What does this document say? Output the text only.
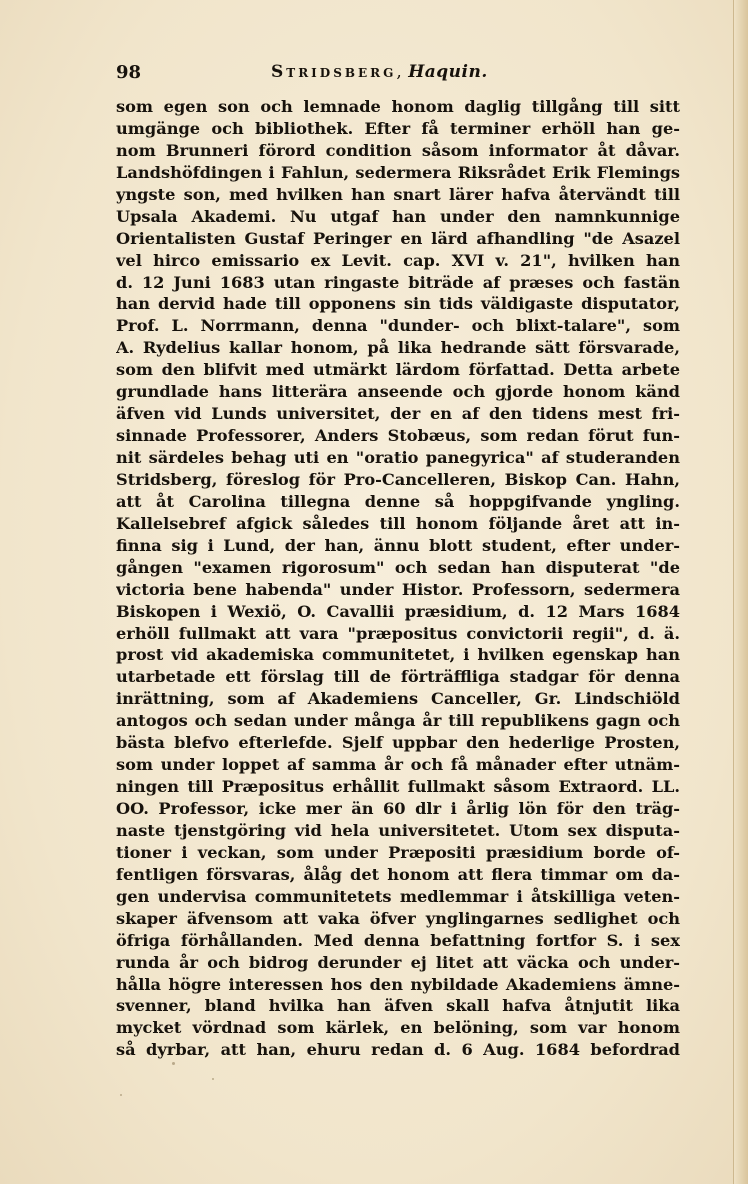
98	Stridsberg, Haquin.
som egen son och lemnade honom daglig tillgång till sitt
umgänge och bibliothek. Efter få terminer erhöll han ge-
nom Brunneri förord condition såsom informator åt dåvar.
Landshöfdingen i Fahlun, sedermera Riksrådet Erik Flemings
yngste son, med hvilken han snart lärer hafva återvändt till
Upsala Akademi. Nu utgaf han under den namnkunnige
Orientalisten Gustaf Peringer en lärd afhandling "de Asazel
vel hirco emissario ex Levit. cap. XVI v. 21", hvilken han
d. 12 Juni 1683 utan ringaste biträde af præses och fastän
han dervid hade till opponens sin tids väldigaste disputator,
Prof. L. Norrmann, denna "dunder- och blixt-talare", som
A. Rydelius kallar honom, på lika hedrande sätt försvarade,
som den blifvit med utmärkt lärdom författad. Detta arbete
grundlade hans litterära anseende och gjorde honom känd
äfven vid Lunds universitet, der en af den tidens mest fri-
sinnade Professorer, Anders Stobæus, som redan förut fun-
nit särdeles behag uti en "oratio panegyrica" af studeranden
Stridsberg, föreslog för Pro-Cancelleren, Biskop Can. Hahn,
att åt Carolina tillegna denne så hoppgifvande yngling.
Kallelsebref afgick således till honom följande året att in-
finna sig i Lund, der han, ännu blott student, efter under-
gången "examen rigorosum" och sedan han disputerat "de
victoria bene habenda" under Histor. Professorn, sedermera
Biskopen i Wexiö, O. Cavallii præsidium, d. 12 Mars 1684
erhöll fullmakt att vara "præpositus convictorii regii", d. ä.
prost vid akademiska communitetet, i hvilken egenskap han
utarbetade ett förslag till de förträffliga stadgar för denna
inrättning, som af Akademiens Canceller, Gr. Lindschiöld
antogos och sedan under många år till republikens gagn och
bästa blefvo efterlefde. Sjelf uppbar den hederlige Prosten,
som under loppet af samma år och få månader efter utnäm-
ningen till Præpositus erhållit fullmakt såsom Extraord. LL.
OO. Professor, icke mer än 60 dlr i årlig lön för den träg-
naste tjenstgöring vid hela universitetet. Utom sex disputa-
tioner i veckan, som under Præpositi præsidium borde of-
fentligen försvaras, ålåg det honom att flera timmar om da-
gen undervisa communitetets medlemmar i åtskilliga veten-
skaper äfvensom att vaka öfver ynglingarnes sedlighet och
öfriga förhållanden. Med denna befattning fortfor S. i sex
runda år och bidrog derunder ej litet att väcka och under-
hålla högre interessen hos den nybildade Akademiens ämne-
svenner, bland hvilka han äfven skall hafva åtnjutit lika
mycket vördnad som kärlek, en belöning, som var honom
så dyrbar, att han, ehuru redan d. 6 Aug. 1684 befordrad
